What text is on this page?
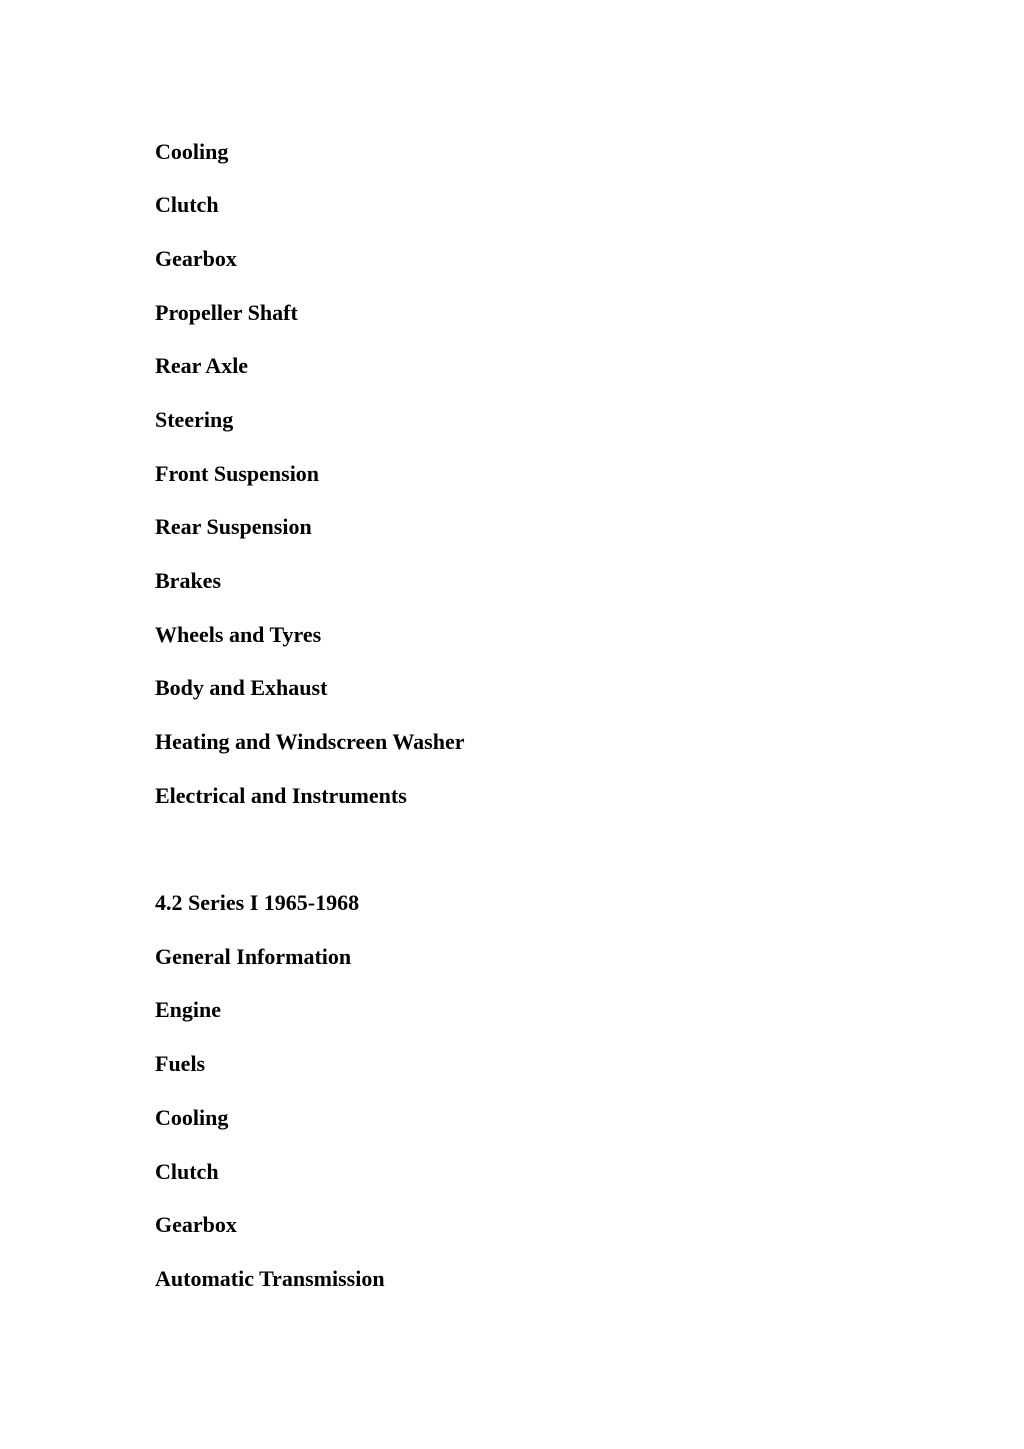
Cooling
Clutch
Gearbox
Propeller Shaft
Rear Axle
Steering
Front Suspension
Rear Suspension
Brakes
Wheels and Tyres
Body and Exhaust
Heating and Windscreen Washer
Electrical and Instruments
4.2 Series I 1965-1968
General Information
Engine
Fuels
Cooling
Clutch
Gearbox
Automatic Transmission
